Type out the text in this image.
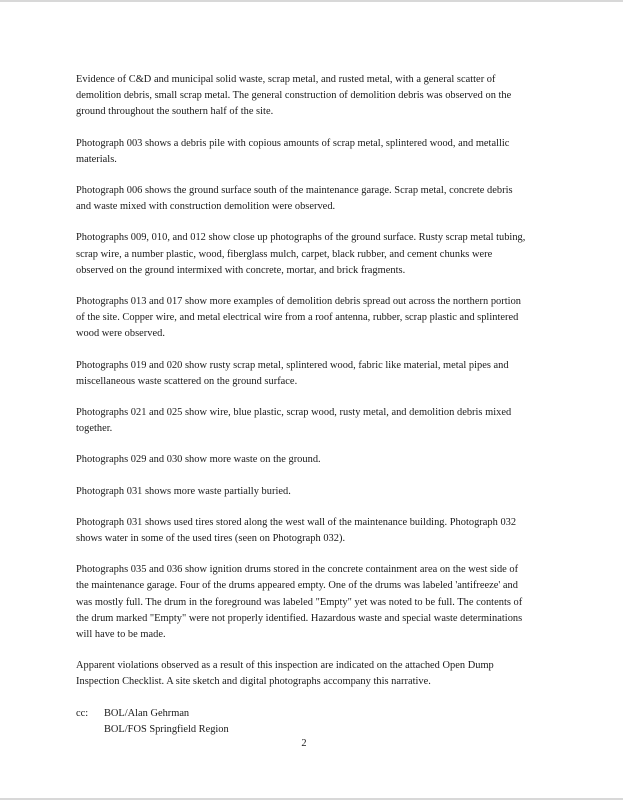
Evidence of C&D and municipal solid waste, scrap metal, and rusted metal, with a general scatter of demolition debris, small scrap metal. The general construction of demolition debris was observed on the ground throughout the southern half of the site.

Photograph 003 shows a debris pile with copious amounts of scrap metal, splintered wood, and metallic materials.

Photograph 006 shows the ground surface south of the maintenance garage. Scrap metal, concrete debris and waste mixed with construction demolition were observed.

Photographs 009, 010, and 012 show close up photographs of the ground surface. Rusty scrap metal tubing, scrap wire, a number plastic, wood, fiberglass mulch, carpet, black rubber, and cement chunks were observed on the ground intermixed with concrete, mortar, and brick fragments.

Photographs 013 and 017 show more examples of demolition debris spread out across the northern portion of the site. Copper wire, and metal electrical wire from a roof antenna, rubber, scrap plastic and splintered wood were observed.

Photographs 019 and 020 show rusty scrap metal, splintered wood, fabric like material, metal pipes and miscellaneous waste scattered on the ground surface.

Photographs 021 and 025 show wire, blue plastic, scrap wood, rusty metal, and demolition debris mixed together.

Photographs 029 and 030 show more waste on the ground.

Photograph 031 shows more waste partially buried.

Photograph 031 shows used tires stored along the west wall of the maintenance building. Photograph 032 shows water in some of the used tires (seen on Photograph 032).

Photographs 035 and 036 show ignition drums stored in the concrete containment area on the west side of the maintenance garage. Four of the drums appeared empty. One of the drums was labeled 'antifreeze' and was mostly full. The drum in the foreground was labeled "Empty" yet was noted to be full. The contents of the drum marked "Empty" were not properly identified. Hazardous waste and special waste determinations will have to be made.

Apparent violations observed as a result of this inspection are indicated on the attached Open Dump Inspection Checklist. A site sketch and digital photographs accompany this narrative.

cc:	BOL/Alan Gehrman
BOL/FOS Springfield Region
2
